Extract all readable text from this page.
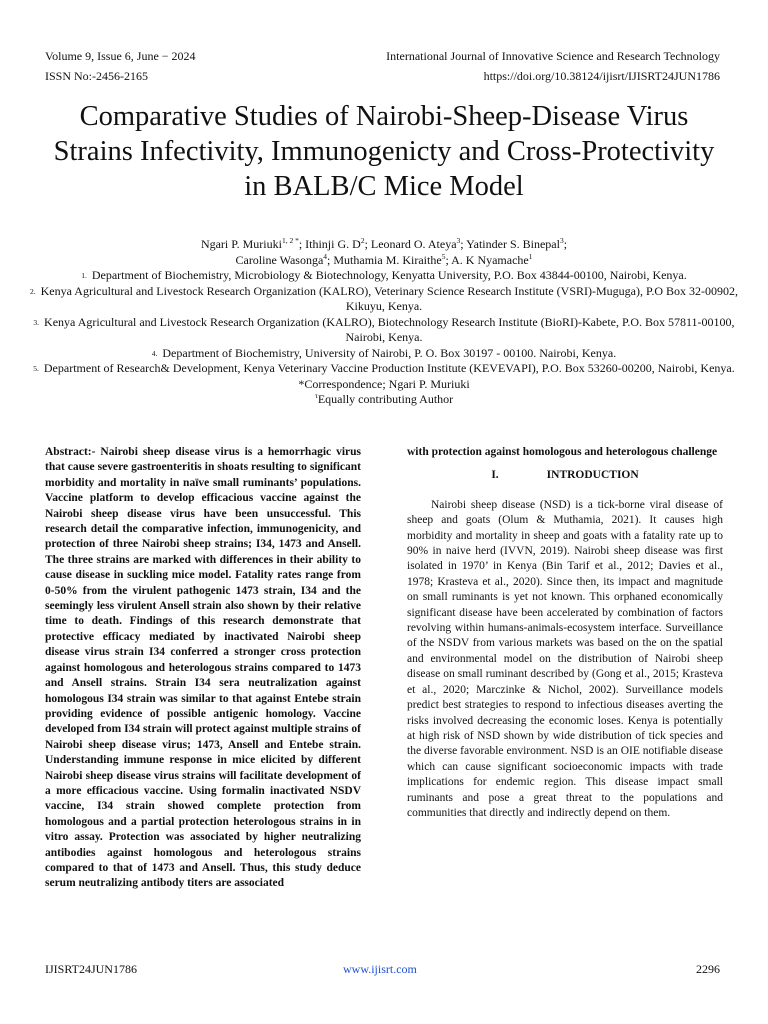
Volume 9, Issue 6, June − 2024	International Journal of Innovative Science and Research Technology
ISSN No:-2456-2165	https://doi.org/10.38124/ijisrt/IJISRT24JUN1786
Comparative Studies of Nairobi-Sheep-Disease Virus Strains Infectivity, Immunogenicty and Cross-Protectivity in BALB/C Mice Model
Ngari P. Muriuki$^{1, 2 *}$; Ithinji G. $D^2$; Leonard O. Ateya$^3$; Yatinder S. Binepal$^3$;
Caroline Wasonga$^4$; Muthamia M. Kiraithe$^5$; A. K Nyamache$^1$
$^{1.}$ Department of Biochemistry, Microbiology & Biotechnology, Kenyatta University, P.O. Box 43844-00100, Nairobi, Kenya.
$^{2.}$ Kenya Agricultural and Livestock Research Organization (KALRO), Veterinary Science Research Institute (VSRI)-Muguga), P.O Box 32-00902, Kikuyu, Kenya.
$^{3.}$ Kenya Agricultural and Livestock Research Organization (KALRO), Biotechnology Research Institute (BioRI)-Kabete, P.O. Box 57811-00100, Nairobi, Kenya.
$^{4.}$ Department of Biochemistry, University of Nairobi, P. O. Box 30197 - 00100. Nairobi, Kenya.
$^{5.}$ Department of Research& Development, Kenya Veterinary Vaccine Production Institute (KEVEVAPI), P.O. Box 53260-00200, Nairobi, Kenya.
*Correspondence; Ngari P. Muriuki
$^\tau$Equally contributing Author

Abstract:- Nairobi sheep disease virus is a hemorrhagic virus that cause severe gastroenteritis in shoats resulting to significant morbidity and mortality in naïve small ruminants’ populations. Vaccine platform to develop efficacious vaccine against the Nairobi sheep disease virus have been unsuccessful. This research detail the comparative infection, immunogenicity, and protection of three Nairobi sheep strains; I34, 1473 and Ansell. The three strains are marked with differences in their ability to cause disease in suckling mice model. Fatality rates range from 0-50% from the virulent pathogenic 1473 strain, I34 and the seemingly less virulent Ansell strain also shown by their relative time to death. Findings of this research demonstrate that protective efficacy mediated by inactivated Nairobi sheep disease virus strain I34 conferred a stronger cross protection against homologous and heterologous strains compared to 1473 and Ansell strains. Strain I34 sera neutralization against homologous I34 strain was similar to that against Entebe strain providing evidence of possible antigenic homology. Vaccine developed from I34 strain will protect against multiple strains of Nairobi sheep disease virus; 1473, Ansell and Entebe strain. Understanding immune response in mice elicited by different Nairobi sheep disease virus strains will facilitate development of a more efficacious vaccine. Using formalin inactivated NSDV vaccine, I34 strain showed complete protection from homologous and a partial protection heterologous strains in in vitro assay. Protection was associated by higher neutralizing antibodies against homologous and heterologous strains compared to that of 1473 and Ansell. Thus, this study deduce serum neutralizing antibody titers are associated

with protection against homologous and heterologous challenge

I.	INTRODUCTION

Nairobi sheep disease (NSD) is a tick-borne viral disease of sheep and goats (Olum & Muthamia, 2021). It causes high morbidity and mortality in sheep and goats with a fatality rate up to 90% in naive herd (IVVN, 2019). Nairobi sheep disease was first isolated in 1970’ in Kenya (Bin Tarif et al., 2012; Davies et al., 1978; Krasteva et al., 2020). Since then, its impact and magnitude on small ruminants is yet not known. This orphaned economically significant disease have been accelerated by combination of factors revolving within humans-animals-ecosystem interface. Surveillance of the NSDV from various markets was based on the on the spatial and environmental model on the distribution of Nairobi sheep disease on small ruminant described by (Gong et al., 2015; Krasteva et al., 2020; Marczinke & Nichol, 2002). Surveillance models predict best strategies to respond to infectious diseases averting the risks involved decreasing the economic loses. Kenya is potentially at high risk of NSD shown by wide distribution of tick species and the diverse favorable environment. NSD is an OIE notifiable disease which can cause significant socioeconomic impacts with trade implications for endemic region. This disease impact small ruminants and pose a great threat to the populations and communities that directly and indirectly depend on them.

IJISRT24JUN1786	www.ijisrt.com	2296
